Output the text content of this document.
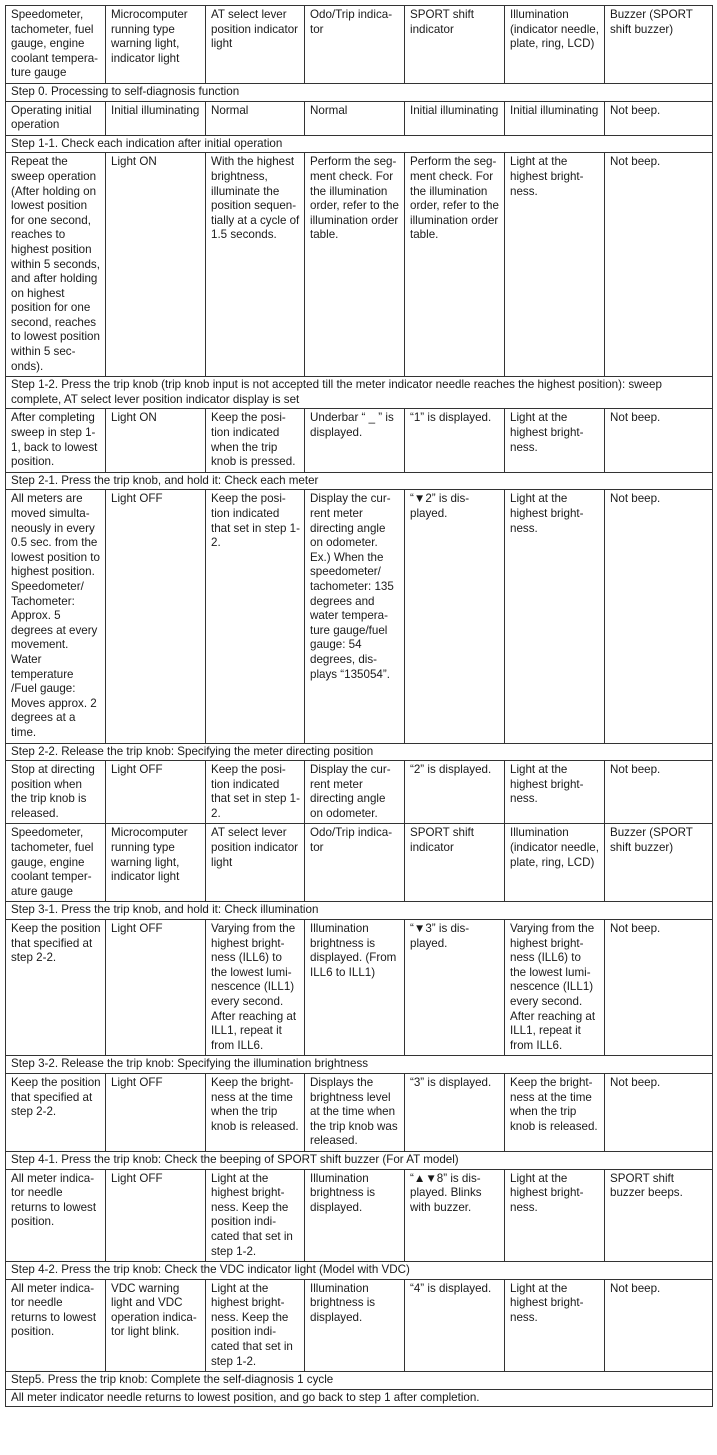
Speedometer, tachometer, fuel gauge, engine coolant temperature gauge	Microcomputer running type warning light, indicator light	AT select lever position indicator light	Odo/Trip indicator	SPORT shift indicator	Illumination (indicator needle, plate, ring, LCD)	Buzzer (SPORT shift buzzer)
Step 0. Processing to self-diagnosis function						
Operating initial operation	Initial illuminating	Normal	Normal	Initial illuminating	Initial illuminating	Not beep.
Step 1-1. Check each indication after initial operation						
Repeat the sweep operation (After holding on lowest position for one second, reaches to highest position within 5 seconds, and after holding on highest position for one second, reaches to lowest position within 5 seconds).	Light ON	With the highest brightness, illuminate the position sequentially at a cycle of 1.5 seconds.	Perform the segment check. For the illumination order, refer to the illumination order table.	Perform the segment check. For the illumination order, refer to the illumination order table.	Light at the highest brightness.	Not beep.
Step 1-2. Press the trip knob (trip knob input is not accepted till the meter indicator needle reaches the highest position): sweep complete, AT select lever position indicator display is set						
After completing sweep in step 1-1, back to lowest position.	Light ON	Keep the position indicated when the trip knob is pressed.	Underbar “ _ ” is displayed.	“1” is displayed.	Light at the highest brightness.	Not beep.
Step 2-1. Press the trip knob, and hold it: Check each meter						
All meters are moved simultaneously in every 0.5 sec. from the lowest position to highest position. Speedometer/ Tachometer: Approx. 5 degrees at every movement. Water temperature /Fuel gauge: Moves approx. 2 degrees at a time.	Light OFF	Keep the position indicated that set in step 1-2.	Display the current meter directing angle on odometer. Ex.) When the speedometer/ tachometer: 135 degrees and water temperature gauge/fuel gauge: 54 degrees, displays “135054”.	“▼2” is displayed.	Light at the highest brightness.	Not beep.
Step 2-2. Release the trip knob: Specifying the meter directing position						
Stop at directing position when the trip knob is released.	Light OFF	Keep the position indicated that set in step 1-2.	Display the current meter directing angle on odometer.	“2” is displayed.	Light at the highest brightness.	Not beep.
Speedometer, tachometer, fuel gauge, engine coolant temperature gauge	Microcomputer running type warning light, indicator light	AT select lever position indicator light	Odo/Trip indicator	SPORT shift indicator	Illumination (indicator needle, plate, ring, LCD)	Buzzer (SPORT shift buzzer)
Step 3-1. Press the trip knob, and hold it: Check illumination						
Keep the position that specified at step 2-2.	Light OFF	Varying from the highest brightness (ILL6) to the lowest luminescence (ILL1) every second. After reaching at ILL1, repeat it from ILL6.	Illumination brightness is displayed. (From ILL6 to ILL1)	“▼3” is displayed.	Varying from the highest brightness (ILL6) to the lowest luminescence (ILL1) every second. After reaching at ILL1, repeat it from ILL6.	Not beep.
Step 3-2. Release the trip knob: Specifying the illumination brightness						
Keep the position that specified at step 2-2.	Light OFF	Keep the brightness at the time when the trip knob is released.	Displays the brightness level at the time when the trip knob was released.	“3” is displayed.	Keep the brightness at the time when the trip knob is released.	Not beep.
Step 4-1. Press the trip knob: Check the beeping of SPORT shift buzzer (For AT model)						
All meter indicator needle returns to lowest position.	Light OFF	Light at the highest brightness. Keep the position indicated that set in step 1-2.	Illumination brightness is displayed.	“▲▼8” is displayed. Blinks with buzzer.	Light at the highest brightness.	SPORT shift buzzer beeps.
Step 4-2. Press the trip knob: Check the VDC indicator light (Model with VDC)						
All meter indicator needle returns to lowest position.	VDC warning light and VDC operation indicator light blink.	Light at the highest brightness. Keep the position indicated that set in step 1-2.	Illumination brightness is displayed.	“4” is displayed.	Light at the highest brightness.	Not beep.
Step5. Press the trip knob: Complete the self-diagnosis 1 cycle						
All meter indicator needle returns to lowest position, and go back to step 1 after completion.						
